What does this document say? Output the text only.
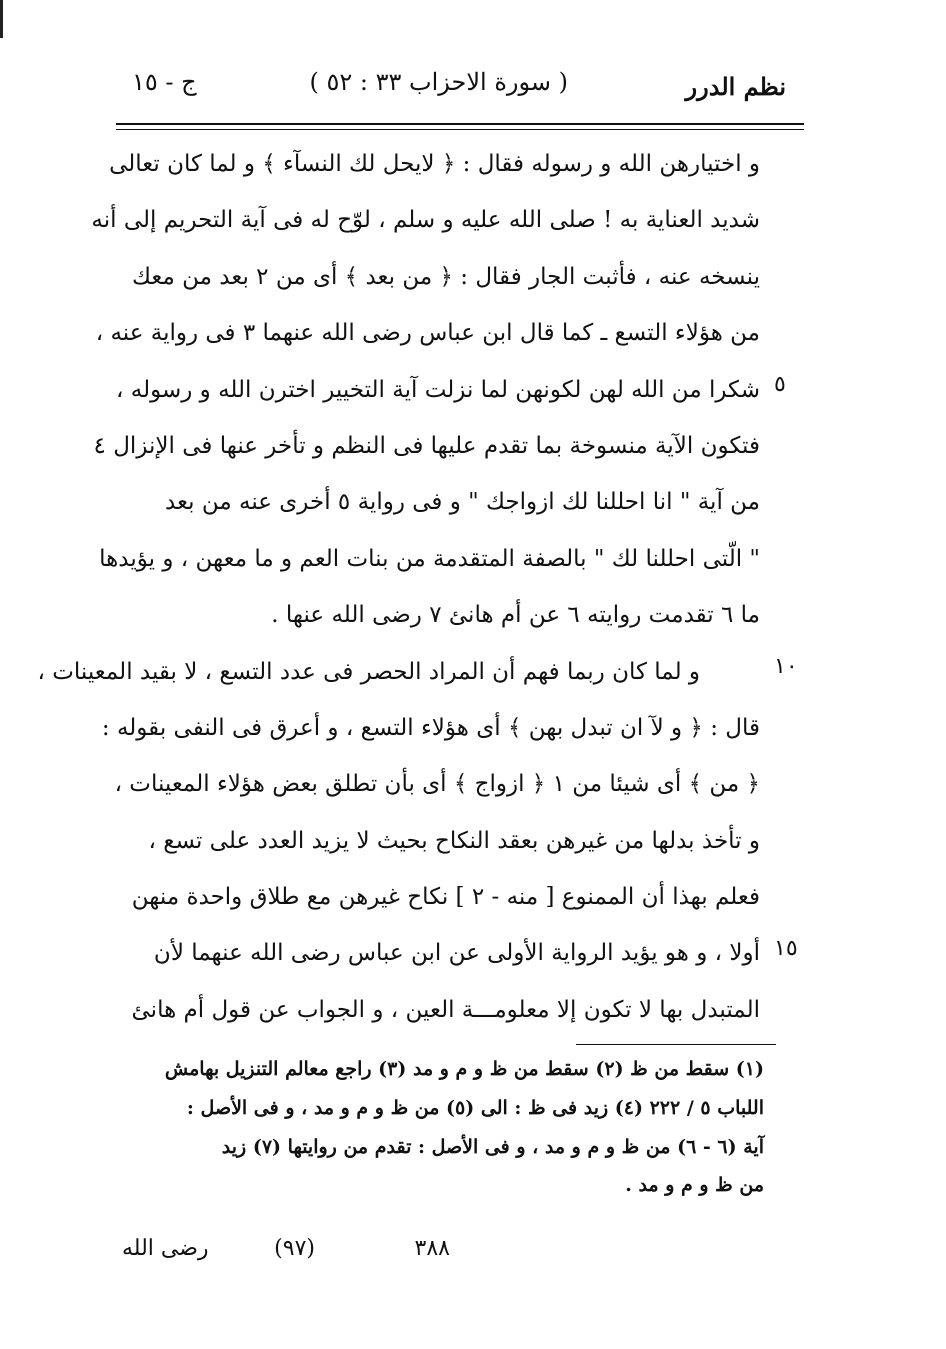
نظم الدرر
( سورة الاحزاب ٣٣ : ٥٢ )
ج - ١٥
و اختيارهن الله و رسوله فقال : ﴿ لايحل لك النسآء ﴾ و لما كان تعالى
شديد العناية به ! صلى الله عليه و سلم ، لوّح له فى آية التحريم إلى أنه
ينسخه عنه ، فأثبت الجار فقال : ﴿ من بعد ﴾ أى من ٢ بعد من معك
من هؤلاء التسع ـ كما قال ابن عباس رضى الله عنهما ٣ فى رواية عنه ،
شكرا من الله لهن لكونهن لما نزلت آية التخيير اخترن الله و رسوله ،
فتكون الآية منسوخة بما تقدم عليها فى النظم و تأخر عنها فى الإنزال ٤
من آية " انا احللنا لك ازواجك " و فى رواية ٥ أخرى عنه من بعد
" الّتى احللنا لك " بالصفة المتقدمة من بنات العم و ما معهن ، و يؤيدها
ما ٦ تقدمت روايته ٦ عن أم هانئ ٧ رضى الله عنها .
و لما كان ربما فهم أن المراد الحصر فى عدد التسع ، لا بقيد المعينات ،
قال : ﴿ و لآ ان تبدل بهن ﴾ أى هؤلاء التسع ، و أعرق فى النفى بقوله :
﴿ من ﴾ أى شيئا من ١ ﴿ ازواج ﴾ أى بأن تطلق بعض هؤلاء المعينات ،
و تأخذ بدلها من غيرهن بعقد النكاح بحيث لا يزيد العدد على تسع ،
فعلم بهذا أن الممنوع [ منه - ٢ ] نكاح غيرهن مع طلاق واحدة منهن
أولا ، و هو يؤيد الرواية الأولى عن ابن عباس رضى الله عنهما لأن
المتبدل بها لا تكون إلا معلومـــة العين ، و الجواب عن قول أم هانئ
٥
١٠
١٥
(١) سقط من ظ (٢) سقط من ظ و م و مد (٣) راجع معالم التنزيل بهامش
اللباب ٥ / ٢٢٢ (٤) زيد فى ظ : الى (٥) من ظ و م و مد ، و فى الأصل :
آية (٦ - ٦) من ظ و م و مد ، و فى الأصل : تقدم من روايتها (٧) زيد
من ظ و م و مد .
٣٨٨
(٩٧)
رضى الله
